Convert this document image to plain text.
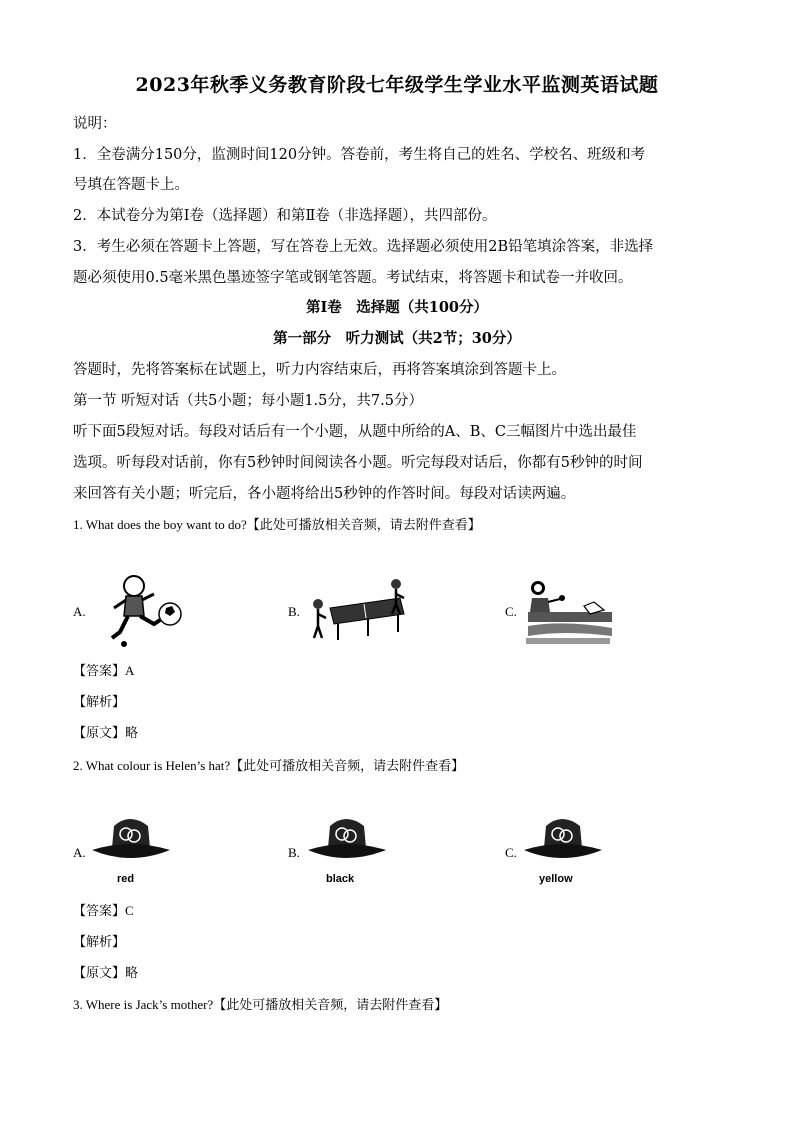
2023年秋季义务教育阶段七年级学生学业水平监测英语试题
说明：
1．全卷满分150分，监测时间120分钟。答卷前，考生将自己的姓名、学校名、班级和考
号填在答题卡上。
2．本试卷分为第Ⅰ卷（选择题）和第Ⅱ卷（非选择题），共四部份。
3．考生必须在答题卡上答题，写在答卷上无效。选择题必须使用2B铅笔填涂答案，非选择
题必须使用0.5毫米黑色墨迹签字笔或钢笔答题。考试结束，将答题卡和试卷一并收回。
第Ⅰ卷　选择题（共100分）
第一部分　听力测试（共2节；30分）
答题时，先将答案标在试题上，听力内容结束后，再将答案填涂到答题卡上。
第一节 听短对话（共5小题；每小题1.5分，共7.5分）
听下面5段短对话。每段对话后有一个小题，从题中所给的A、B、C三幅图片中选出最佳
选项。听每段对话前，你有5秒钟时间阅读各小题。听完每段对话后，你都有5秒钟的时间
来回答有关小题；听完后，各小题将给出5秒钟的作答时间。每段对话读两遍。
1. What does the boy want to do?【此处可播放相关音频，请去附件查看】
A.	B.	C.
【答案】A
【解析】
【原文】略
2. What colour is Helen’s hat?【此处可播放相关音频，请去附件查看】
A.
red
B.
black
C.
yellow
【答案】C
【解析】
【原文】略
3. Where is Jack’s mother?【此处可播放相关音频，请去附件查看】
